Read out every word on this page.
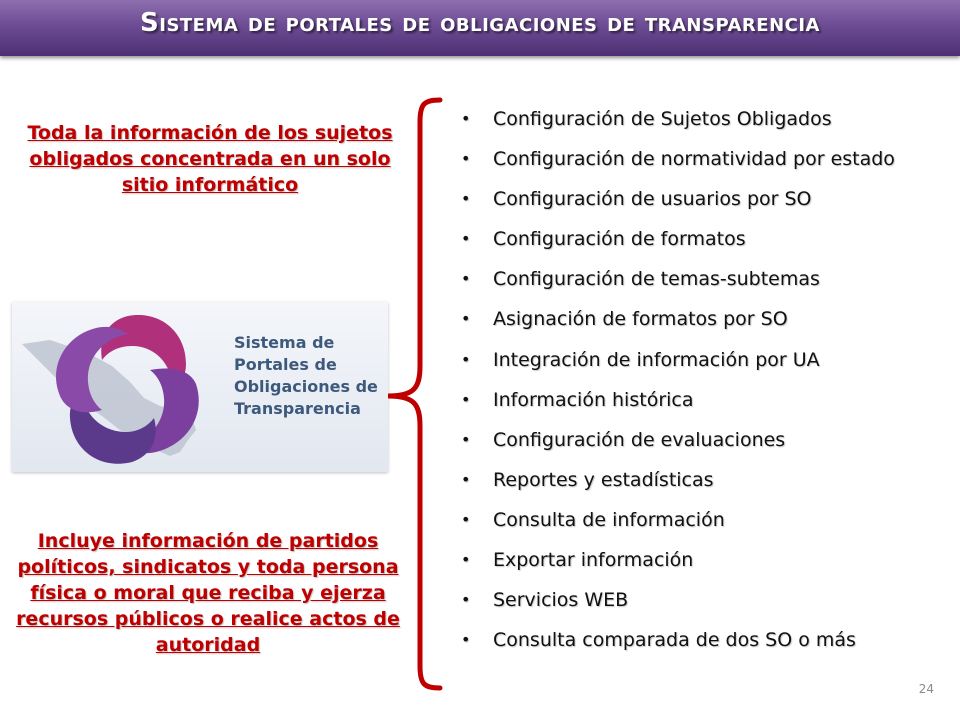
Sistema de portales de obligaciones de transparencia
Toda la información de los sujetos obligados concentrada en un solo sitio informático
Sistema de
Portales de
Obligaciones de
Transparencia
Incluye información de partidos políticos, sindicatos y toda persona física o moral que reciba y ejerza recursos públicos o realice actos de autoridad
• Configuración de Sujetos Obligados
• Configuración de normatividad por estado
• Configuración de usuarios por SO
• Configuración de formatos
• Configuración de temas-subtemas
• Asignación de formatos por SO
• Integración de información por UA
• Información histórica
• Configuración de evaluaciones
• Reportes y estadísticas
• Consulta de información
• Exportar información
• Servicios WEB
• Consulta comparada de dos SO o más
24
